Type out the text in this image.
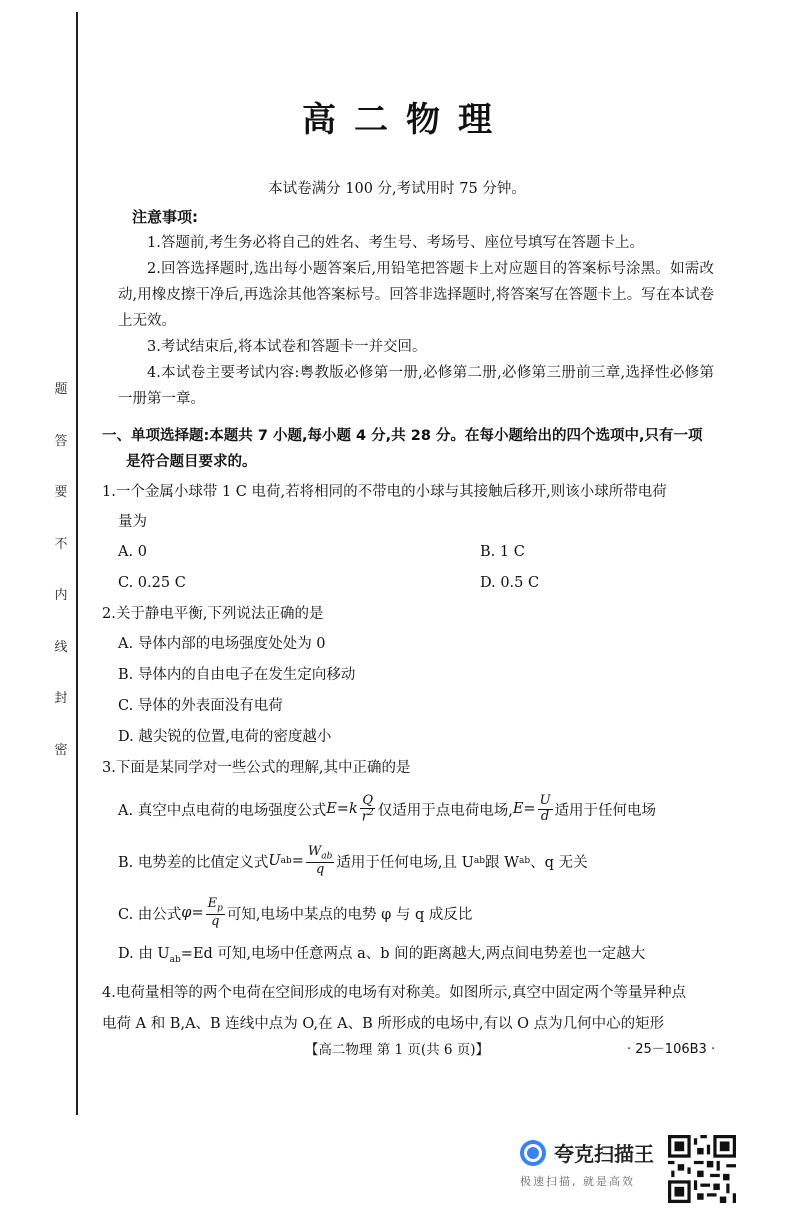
题
答
要
不
内
线
封
密
高二物理
本试卷满分 100 分,考试用时 75 分钟。
注意事项:
1.答题前,考生务必将自己的姓名、考生号、考场号、座位号填写在答题卡上。
2.回答选择题时,选出每小题答案后,用铅笔把答题卡上对应题目的答案标号涂黑。如需改动,用橡皮擦干净后,再选涂其他答案标号。回答非选择题时,将答案写在答题卡上。写在本试卷上无效。
3.考试结束后,将本试卷和答题卡一并交回。
4.本试卷主要考试内容:粤教版必修第一册,必修第二册,必修第三册前三章,选择性必修第一册第一章。
一、单项选择题:本题共 7 小题,每小题 4 分,共 28 分。在每小题给出的四个选项中,只有一项
是符合题目要求的。
1.一个金属小球带 1 C 电荷,若将相同的不带电的小球与其接触后移开,则该小球所带电荷
量为
A. 0	B. 1 C
C. 0.25 C	D. 0.5 C
2.关于静电平衡,下列说法正确的是
A. 导体内部的电场强度处处为 0
B. 导体内的自由电子在发生定向移动
C. 导体的外表面没有电荷
D. 越尖锐的位置,电荷的密度越小
3.下面是某同学对一些公式的理解,其中正确的是
A. 真空中点电荷的电场强度公式 E = k $\frac{Q}{r^2}$ 仅适用于点电荷电场, $E = \frac{U}{d}$ 适用于任何电场
B. 电势差的比值定义式 U ab = $\frac{W_{ab}}{q}$ 适用于任何电场,且 U ab 跟 W ab 、q 无关
C. 由公式 $\varphi = \frac{E_p}{q}$ 可知,电场中某点的电势 φ 与 q 成反比
D. 由 $U_{ab}=Ed$ 可知,电场中任意两点 a、b 间的距离越大,两点间电势差也一定越大
4.电荷量相等的两个电荷在空间形成的电场有对称美。如图所示,真空中固定两个等量异种点
电荷 A 和 B,A、B 连线中点为 O,在 A、B 所形成的电场中,有以 O 点为几何中心的矩形
【高二物理 第 1 页(共 6 页)】	· 25－106B3 ·
夸克扫描王
极速扫描, 就是高效
